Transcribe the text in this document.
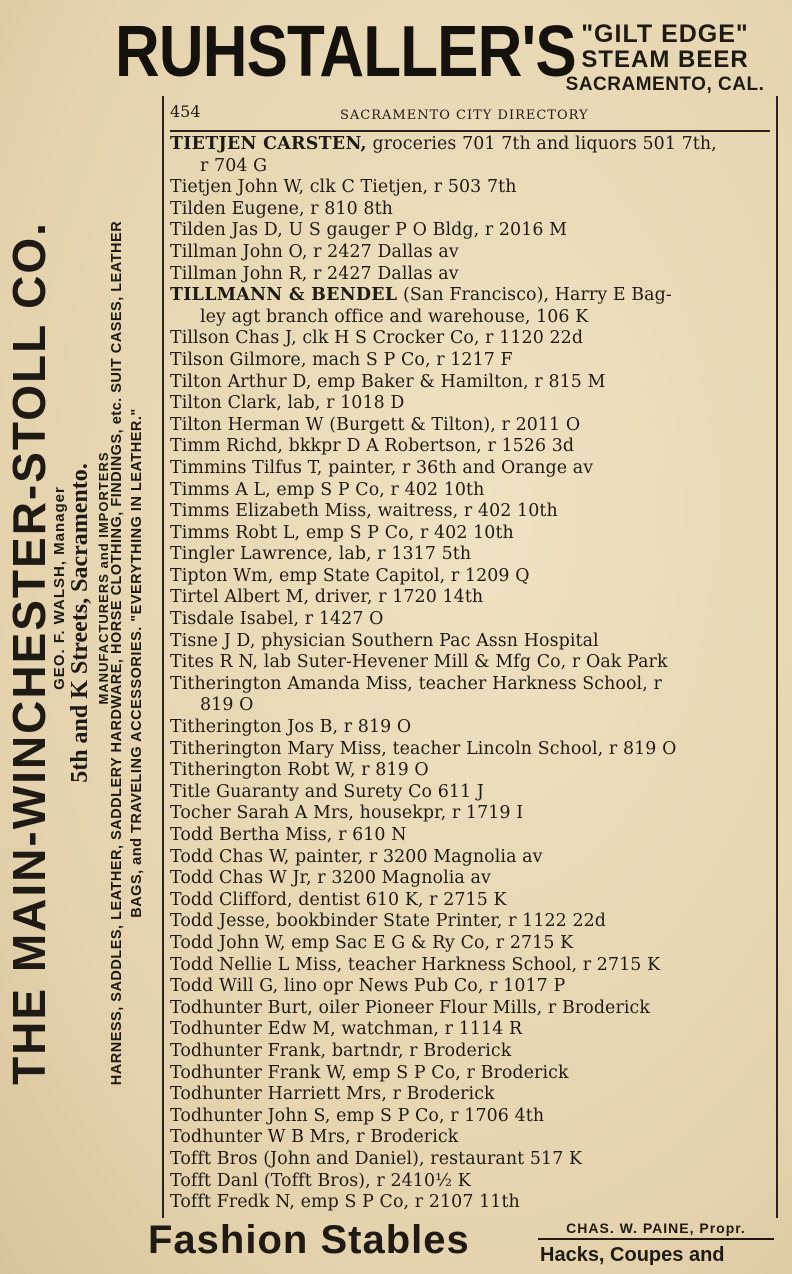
RUHSTALLER'S "GILT EDGE"
STEAM BEER
SACRAMENTO, CAL.
THE MAIN-WINCHESTER-STOLL CO.
GEO. F. WALSH, Manager 5th and K Streets, Sacramento. MANUFACTURERS and IMPORTERS
HARNESS, SADDLES, LEATHER, SADDLERY HARDWARE, HORSE CLOTHING, FINDINGS, etc. SUIT CASES, LEATHER BAGS, and TRAVELING ACCESSORIES. "EVERYTHING IN LEATHER."
454	SACRAMENTO CITY DIRECTORY
TIETJEN CARSTEN, groceries 701 7th and liquors 501 7th,
r 704 G
Tietjen John W, clk C Tietjen, r 503 7th
Tilden Eugene, r 810 8th
Tilden Jas D, U S gauger P O Bldg, r 2016 M
Tillman John O, r 2427 Dallas av
Tillman John R, r 2427 Dallas av
TILLMANN & BENDEL (San Francisco), Harry E Bag-
ley agt branch office and warehouse, 106 K
Tillson Chas J, clk H S Crocker Co, r 1120 22d
Tilson Gilmore, mach S P Co, r 1217 F
Tilton Arthur D, emp Baker & Hamilton, r 815 M
Tilton Clark, lab, r 1018 D
Tilton Herman W (Burgett & Tilton), r 2011 O
Timm Richd, bkkpr D A Robertson, r 1526 3d
Timmins Tilfus T, painter, r 36th and Orange av
Timms A L, emp S P Co, r 402 10th
Timms Elizabeth Miss, waitress, r 402 10th
Timms Robt L, emp S P Co, r 402 10th
Tingler Lawrence, lab, r 1317 5th
Tipton Wm, emp State Capitol, r 1209 Q
Tirtel Albert M, driver, r 1720 14th
Tisdale Isabel, r 1427 O
Tisne J D, physician Southern Pac Assn Hospital
Tites R N, lab Suter-Hevener Mill & Mfg Co, r Oak Park
Titherington Amanda Miss, teacher Harkness School, r
819 O
Titherington Jos B, r 819 O
Titherington Mary Miss, teacher Lincoln School, r 819 O
Titherington Robt W, r 819 O
Title Guaranty and Surety Co 611 J
Tocher Sarah A Mrs, housekpr, r 1719 I
Todd Bertha Miss, r 610 N
Todd Chas W, painter, r 3200 Magnolia av
Todd Chas W Jr, r 3200 Magnolia av
Todd Clifford, dentist 610 K, r 2715 K
Todd Jesse, bookbinder State Printer, r 1122 22d
Todd John W, emp Sac E G & Ry Co, r 2715 K
Todd Nellie L Miss, teacher Harkness School, r 2715 K
Todd Will G, lino opr News Pub Co, r 1017 P
Todhunter Burt, oiler Pioneer Flour Mills, r Broderick
Todhunter Edw M, watchman, r 1114 R
Todhunter Frank, bartndr, r Broderick
Todhunter Frank W, emp S P Co, r Broderick
Todhunter Harriett Mrs, r Broderick
Todhunter John S, emp S P Co, r 1706 4th
Todhunter W B Mrs, r Broderick
Tofft Bros (John and Daniel), restaurant 517 K
Tofft Danl (Tofft Bros), r 2410½ K
Tofft Fredk N, emp S P Co, r 2107 11th
Fashion Stables	CHAS. W. PAINE, Propr.
Hacks, Coupes and
